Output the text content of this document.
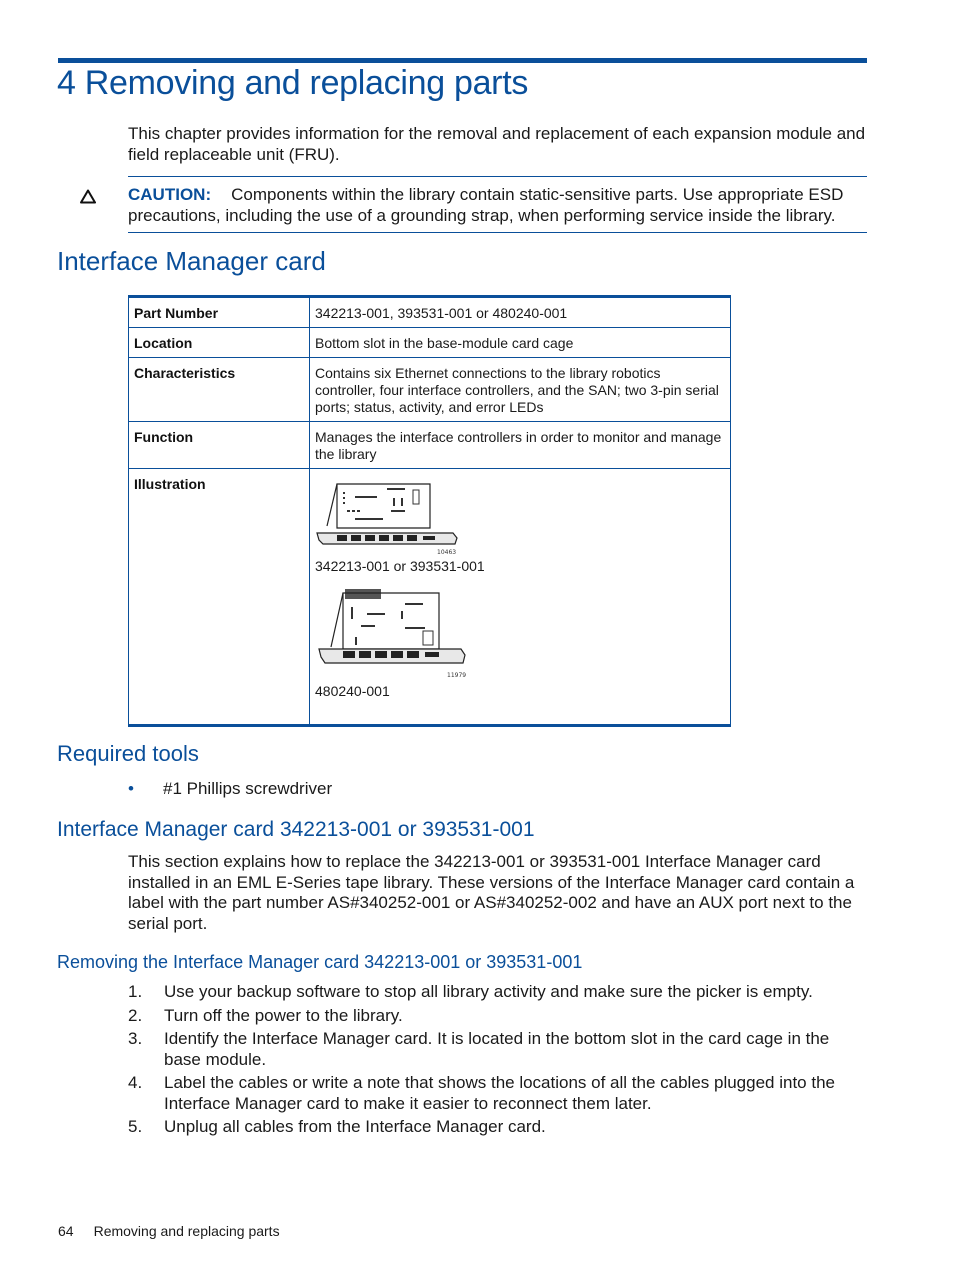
4 Removing and replacing parts
This chapter provides information for the removal and replacement of each expansion module and field replaceable unit (FRU).
CAUTION: Components within the library contain static-sensitive parts. Use appropriate ESD precautions, including the use of a grounding strap, when performing service inside the library.
Interface Manager card
Part Number	342213-001, 393531-001 or 480240-001
Location	Bottom slot in the base-module card cage
Characteristics	Contains six Ethernet connections to the library robotics controller, four interface controllers, and the SAN; two 3-pin serial ports; status, activity, and error LEDs
Function	Manages the interface controllers in order to monitor and manage the library
Illustration	10463
342213-001 or 393531-001
11979
480240-001
Required tools
• #1 Phillips screwdriver
Interface Manager card 342213-001 or 393531-001
This section explains how to replace the 342213-001 or 393531-001 Interface Manager card installed in an EML E-Series tape library. These versions of the Interface Manager card contain a label with the part number AS#340252-001 or AS#340252-002 and have an AUX port next to the serial port.
Removing the Interface Manager card 342213-001 or 393531-001
1. Use your backup software to stop all library activity and make sure the picker is empty.
2. Turn off the power to the library.
3. Identify the Interface Manager card. It is located in the bottom slot in the card cage in the base module.
4. Label the cables or write a note that shows the locations of all the cables plugged into the Interface Manager card to make it easier to reconnect them later.
5. Unplug all cables from the Interface Manager card.
64 Removing and replacing parts
